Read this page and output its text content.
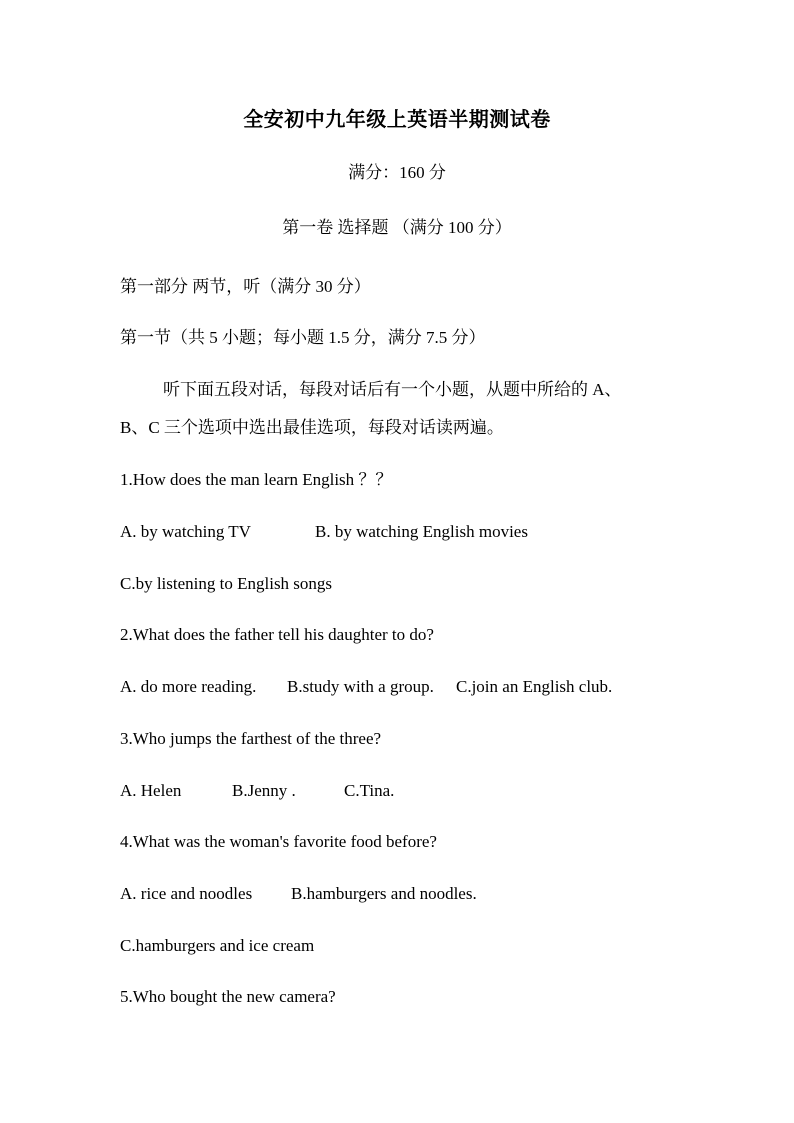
全安初中九年级上英语半期测试卷
满分：160 分
第一卷 选择题 （满分 100 分）
第一部分 两节，听（满分 30 分）
第一节（共 5 小题；每小题 1.5 分，满分 7.5 分）
听下面五段对话，每段对话后有一个小题，从题中所给的 A、
B、C 三个选项中选出最佳选项，每段对话读两遍。
1.How does the man learn English ？？
A. by watching TV	B. by watching English movies
C.by listening to English songs
2.What does the father tell his daughter to do?
A. do more reading. B.study with a group. C.join an English club.
3.Who jumps the farthest of the three?
A. Helen	B.Jenny .	C.Tina.
4.What was the woman's favorite food before?
A. rice and noodles B.hamburgers and noodles.
C.hamburgers and ice cream
5.Who bought the new camera?
